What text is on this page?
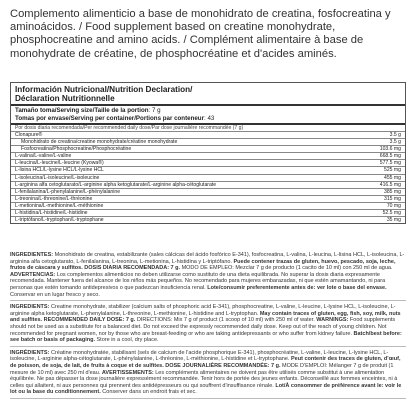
Complemento alimenticio a base de monohidrato de creatina, fosfocreatina y aminoácidos. / Food supplement based on creatine monohydrate, phosphocreatine and amino acids. / Complément alimentaire à base de monohydrate de créatine, de phosphocréatine et d'acides aminés.

Información Nutricional/Nutrition Declaration/

Déclaration Nutritionnelle

Tamaño toma/Serving size/Taille de la portion: 7 g
Tomas por envase/Serving per container/Portions par conteneur: 43
Por dosis diaria recomendada/Per recommended daily dose/Par dose journalière recommandée (7 g)	
Clonapure®	3.5 g
Monohidrato de creatina/creatine monohydrate/créatine monohydrate	3.5 g
Fosfocreatina/Phosphocreatine/Phosphocréatine	103.6 mg
L-valina/L-valine/L-valine	668.5 mg
L-leucina/L-leucine/L-leucine (Kyowa®)	577.5 mg
L-lisina HCL/L-lysine HCL/L-lysine HCL	525 mg
L-isoleucina/L-isoleucine/L-isoleucine	455 mg
L-arginina alfa cetoglutarato/L-arginine alpha ketoglutarate/L-arginine alpha-cétoglutarate	416.5 mg
L-fenilalanina/L-phenylalanine/L-phénylalanine	385 mg
L-treonina/L-threonine/L-thréonine	315 mg
L-metionina/L-methionine/L-méthionine	70 mg
L-histidina/L-histidine/L-histidine	52.5 mg
L-triptófano/L-tryptophan/L-tryptophane	35 mg

INGREDIENTES: Monohidrato de creatina, estabilizante (sales cálcicas del ácido fosfórico E-341), fosfocreatina, L-valina, L-leucina, L-lisina HCL, L-isoleucina, L-arginina alfa cetoglutarato, L-fenilalanina, L-treonina, L-metionina, L-histidina y L-triptófano. Puede contener trazas de gluten, huevo, pescado, soja, leche, frutos de cáscara y sulfitos. DOSIS DIARIA RECOMENDADA: 7 g. MODO DE EMPLEO: Mezclar 7 g de producto (1 cacito de 10 ml) con 250 ml de agua. ADVERTENCIAS: Los complementos alimenticios no deben utilizarse como sustituto de una dieta equilibrada. No superar la dosis diaria expresamente recomendada. Mantener fuera del alcance de los niños más pequeños. No recomendado para mujeres embarazadas, ni que estén amamantando, ni para personas que estén tomando antidepresivos o que padezcan insuficiencia renal. Lote/consumir preferentemente antes de: ver lote o base del envase. Conservar en un lugar fresco y seco.

INGREDIENTS: Creatine monohydrate, stabilizer (calcium salts of phosphoric acid E-341), phosphocreatine, L-valine, L-leucine, L-lysine HCL, L-isoleucine, L-arginine alpha ketoglutarate, L-phenylalanine, L-threonine, L-methionine, L-histidine and L-tryptophan. May contain traces of gluten, egg, fish, soy, milk, nuts and sulfites. RECOMMENDED DAILY DOSE: 7 g. DIRECTIONS: Mix 7 g of product (1 scoop of 10 ml) with 250 ml of water. WARNINGS: Food supplements should not be used as a substitute for a balanced diet. Do not exceed the expressly recommended daily dose. Keep out of the reach of young children. Not recommended for pregnant women, nor by those who are breast-feeding or who are taking antidepressants or who suffer from kidney failure. Batch/best before: see batch or basis of packaging. Store in a cool, dry place.

INGRÉDIENTS: Créatine monohydratée, stabilisant (sels de calcium de l'acide phosphorique E-341), phosphocréatine, L-valine, L-leucine, L-lysine HCL, L-isoleucine, L-arginine alpha-cétoglutarate, L-phénylalanine, L-thréonine, L-méthionine, L-histidine et L-tryptophane. Peut contenir des traces de gluten, d'œuf, de poisson, de soja, de lait, de fruits à coque et de sulfites. DOSE JOURNALIÈRE RECOMMANDÉE: 7 g. MODE D'EMPLOI: Mélanger 7 g de produit (1 mesure de 10 ml) avec 250 ml d'eau. AVERTISSEMENTS: Les compléments alimentaires ne doivent pas être utilisés comme substitut à une alimentation équilibrée. Ne pas dépasser la dose journalière expressément recommandée. Tenir hors de portée des jeunes enfants. Déconseillé aux femmes enceintes, ni à celles qui allaitent, ni aux personnes qui prennent des antidépresseurs ou qui souffrent d'insuffisance rénale. Lot/À consommer de préférence avant le: voir le lot ou la base du conditionnement. Conserver dans un endroit frais et sec.
